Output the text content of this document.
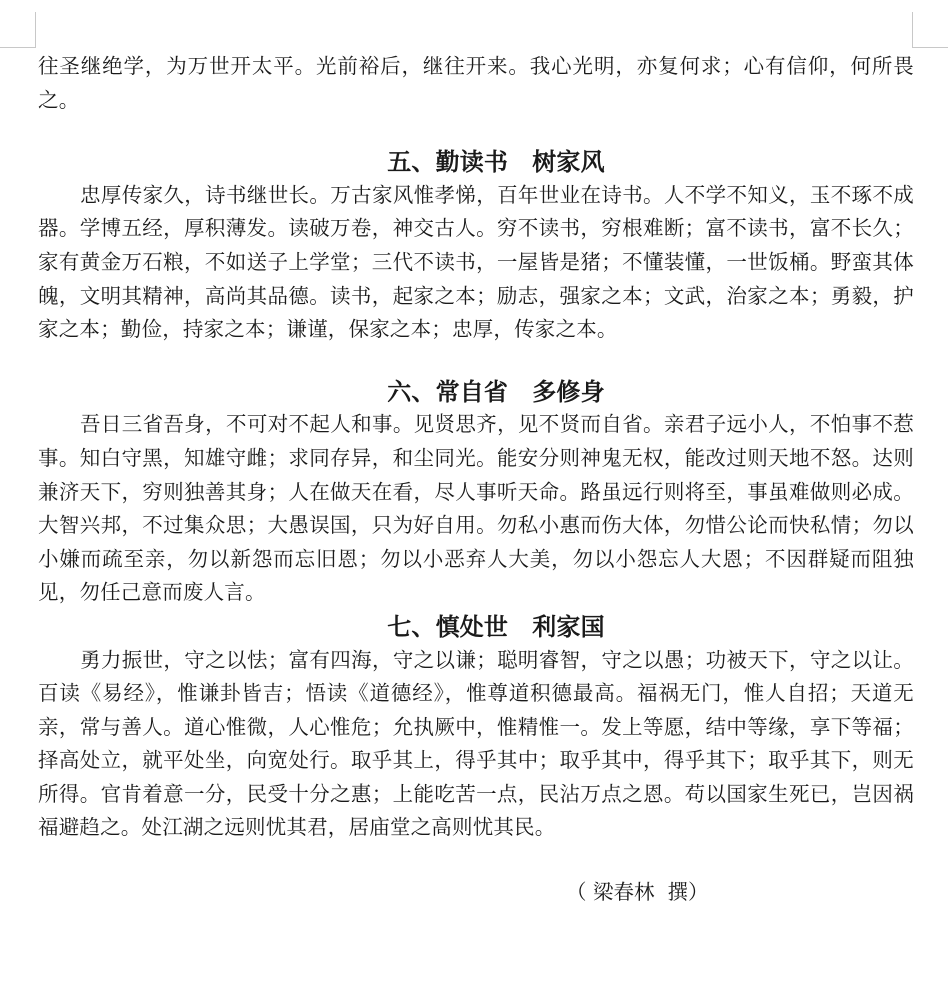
往圣继绝学，为万世开太平。光前裕后，继往开来。我心光明，亦复何求；心有信仰，何所畏之。

五、勤读书　树家风

忠厚传家久，诗书继世长。万古家风惟孝悌，百年世业在诗书。人不学不知义，玉不琢不成器。学博五经，厚积薄发。读破万卷，神交古人。穷不读书，穷根难断；富不读书，富不长久；家有黄金万石粮，不如送子上学堂；三代不读书，一屋皆是猪；不懂装懂，一世饭桶。野蛮其体魄，文明其精神，高尚其品德。读书，起家之本；励志，强家之本；文武，治家之本；勇毅，护家之本；勤俭，持家之本；谦谨，保家之本；忠厚，传家之本。

六、常自省　多修身

吾日三省吾身，不可对不起人和事。见贤思齐，见不贤而自省。亲君子远小人，不怕事不惹事。知白守黑，知雄守雌；求同存异，和尘同光。能安分则神鬼无权，能改过则天地不怒。达则兼济天下，穷则独善其身；人在做天在看，尽人事听天命。路虽远行则将至，事虽难做则必成。大智兴邦，不过集众思；大愚误国，只为好自用。勿私小惠而伤大体，勿惜公论而快私情；勿以小嫌而疏至亲，勿以新怨而忘旧恩；勿以小恶弃人大美，勿以小怨忘人大恩；不因群疑而阻独见，勿任己意而废人言。

七、慎处世　利家国

勇力振世，守之以怯；富有四海，守之以谦；聪明睿智，守之以愚；功被天下，守之以让。百读《易经》，惟谦卦皆吉；悟读《道德经》，惟尊道积德最高。福祸无门，惟人自招；天道无亲，常与善人。道心惟微，人心惟危；允执厥中，惟精惟一。发上等愿，结中等缘，享下等福；择高处立，就平处坐，向宽处行。取乎其上，得乎其中；取乎其中，得乎其下；取乎其下，则无所得。官肯着意一分，民受十分之惠；上能吃苦一点，民沾万点之恩。苟以国家生死已，岂因祸福避趋之。处江湖之远则忧其君，居庙堂之高则忧其民。

（ 梁春林  撰）
